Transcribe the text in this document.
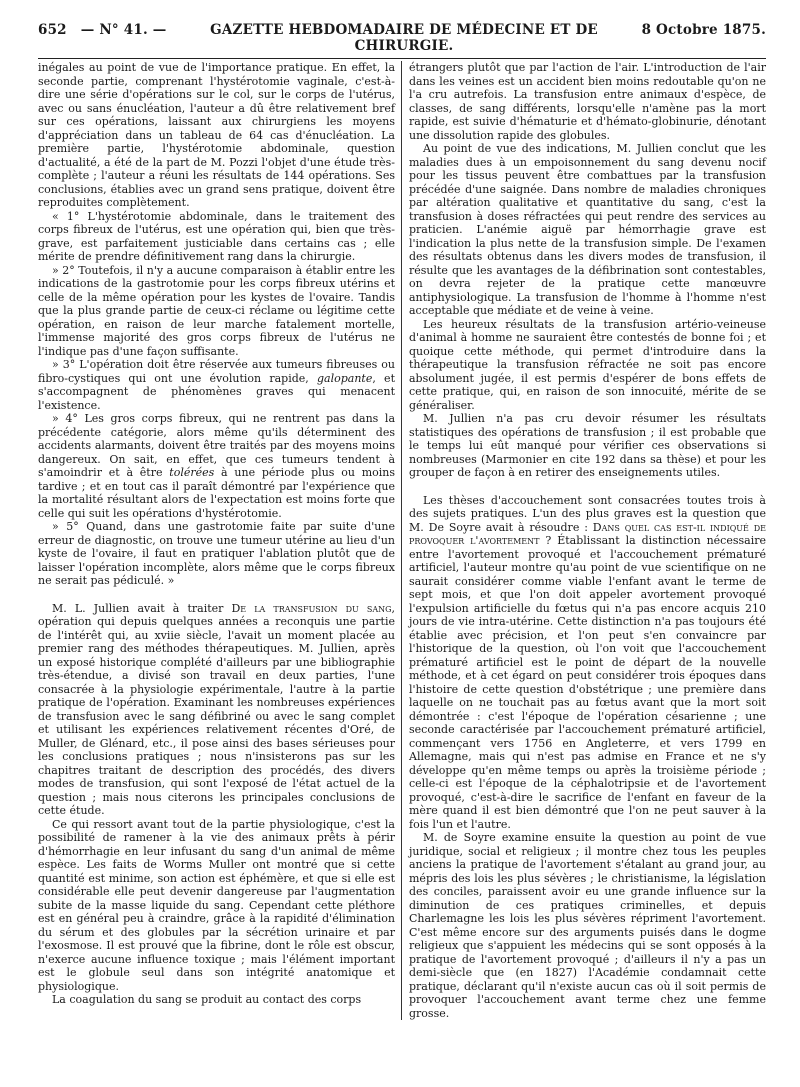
652 — N° 41. —	GAZETTE HEBDOMADAIRE DE MÉDECINE ET DE CHIRURGIE.
8 Octobre 1875.

inégales au point de vue de l'importance pratique. En effet, la seconde partie, comprenant l'hystérotomie vaginale, c'est-à-dire une série d'opérations sur le col, sur le corps de l'utérus, avec ou sans énucléation, l'auteur a dû être relativement bref sur ces opérations, laissant aux chirurgiens les moyens d'appréciation dans un tableau de 64 cas d'énucléation. La première partie, l'hystérotomie abdominale, question d'actualité, a été de la part de M. Pozzi l'objet d'une étude très-complète ; l'auteur a réuni les résultats de 144 opérations. Ses conclusions, établies avec un grand sens pratique, doivent être reproduites complètement.

« 1° L'hystérotomie abdominale, dans le traitement des corps fibreux de l'utérus, est une opération qui, bien que très-grave, est parfaitement justiciable dans certains cas ; elle mérite de prendre définitivement rang dans la chirurgie.

» 2° Toutefois, il n'y a aucune comparaison à établir entre les indications de la gastrotomie pour les corps fibreux utérins et celle de la même opération pour les kystes de l'ovaire. Tandis que la plus grande partie de ceux-ci réclame ou légitime cette opération, en raison de leur marche fatalement mortelle, l'immense majorité des gros corps fibreux de l'utérus ne l'indique pas d'une façon suffisante.

» 3° L'opération doit être réservée aux tumeurs fibreuses ou fibro-cystiques qui ont une évolution rapide, galopante, et s'accompagnent de phénomènes graves qui menacent l'existence.

» 4° Les gros corps fibreux, qui ne rentrent pas dans la précédente catégorie, alors même qu'ils déterminent des accidents alarmants, doivent être traités par des moyens moins dangereux. On sait, en effet, que ces tumeurs tendent à s'amoindrir et à être tolérées à une période plus ou moins tardive ; et en tout cas il paraît démontré par l'expérience que la mortalité résultant alors de l'expectation est moins forte que celle qui suit les opérations d'hystérotomie.

» 5° Quand, dans une gastrotomie faite par suite d'une erreur de diagnostic, on trouve une tumeur utérine au lieu d'un kyste de l'ovaire, il faut en pratiquer l'ablation plutôt que de laisser l'opération incomplète, alors même que le corps fibreux ne serait pas pédiculé. »

M. L. Jullien avait à traiter De la transfusion du sang, opération qui depuis quelques années a reconquis une partie de l'intérêt qui, au xviie siècle, l'avait un moment placée au premier rang des méthodes thérapeutiques. M. Jullien, après un exposé historique complété d'ailleurs par une bibliographie très-étendue, a divisé son travail en deux parties, l'une consacrée à la physiologie expérimentale, l'autre à la partie pratique de l'opération. Examinant les nombreuses expériences de transfusion avec le sang défibriné ou avec le sang complet et utilisant les expériences relativement récentes d'Oré, de Muller, de Glénard, etc., il pose ainsi des bases sérieuses pour les conclusions pratiques ; nous n'insisterons pas sur les chapitres traitant de description des procédés, des divers modes de transfusion, qui sont l'exposé de l'état actuel de la question ; mais nous citerons les principales conclusions de cette étude.

Ce qui ressort avant tout de la partie physiologique, c'est la possibilité de ramener à la vie des animaux prêts à périr d'hémorrhagie en leur infusant du sang d'un animal de même espèce. Les faits de Worms Muller ont montré que si cette quantité est minime, son action est éphémère, et que si elle est considérable elle peut devenir dangereuse par l'augmentation subite de la masse liquide du sang. Cependant cette pléthore est en général peu à craindre, grâce à la rapidité d'élimination du sérum et des globules par la sécrétion urinaire et par l'exosmose. Il est prouvé que la fibrine, dont le rôle est obscur, n'exerce aucune influence toxique ; mais l'élément important est le globule seul dans son intégrité anatomique et physiologique.

La coagulation du sang se produit au contact des corps

étrangers plutôt que par l'action de l'air. L'introduction de l'air dans les veines est un accident bien moins redoutable qu'on ne l'a cru autrefois. La transfusion entre animaux d'espèce, de classes, de sang différents, lorsqu'elle n'amène pas la mort rapide, est suivie d'hématurie et d'hémato-globinurie, dénotant une dissolution rapide des globules.

Au point de vue des indications, M. Jullien conclut que les maladies dues à un empoisonnement du sang devenu nocif pour les tissus peuvent être combattues par la transfusion précédée d'une saignée. Dans nombre de maladies chroniques par altération qualitative et quantitative du sang, c'est la transfusion à doses réfractées qui peut rendre des services au praticien. L'anémie aiguë par hémorrhagie grave est l'indication la plus nette de la transfusion simple. De l'examen des résultats obtenus dans les divers modes de transfusion, il résulte que les avantages de la défibrination sont contestables, on devra rejeter de la pratique cette manœuvre antiphysiologique. La transfusion de l'homme à l'homme n'est acceptable que médiate et de veine à veine.

Les heureux résultats de la transfusion artério-veineuse d'animal à homme ne sauraient être contestés de bonne foi ; et quoique cette méthode, qui permet d'introduire dans la thérapeutique la transfusion réfractée ne soit pas encore absolument jugée, il est permis d'espérer de bons effets de cette pratique, qui, en raison de son innocuité, mérite de se généraliser.

M. Jullien n'a pas cru devoir résumer les résultats statistiques des opérations de transfusion ; il est probable que le temps lui eût manqué pour vérifier ces observations si nombreuses (Marmonier en cite 192 dans sa thèse) et pour les grouper de façon à en retirer des enseignements utiles.

Les thèses d'accouchement sont consacrées toutes trois à des sujets pratiques. L'un des plus graves est la question que M. De Soyre avait à résoudre : Dans quel cas est-il indiqué de provoquer l'avortement ? Établissant la distinction nécessaire entre l'avortement provoqué et l'accouchement prématuré artificiel, l'auteur montre qu'au point de vue scientifique on ne saurait considérer comme viable l'enfant avant le terme de sept mois, et que l'on doit appeler avortement provoqué l'expulsion artificielle du fœtus qui n'a pas encore acquis 210 jours de vie intra-utérine. Cette distinction n'a pas toujours été établie avec précision, et l'on peut s'en convaincre par l'historique de la question, où l'on voit que l'accouchement prématuré artificiel est le point de départ de la nouvelle méthode, et à cet égard on peut considérer trois époques dans l'histoire de cette question d'obstétrique ; une première dans laquelle on ne touchait pas au fœtus avant que la mort soit démontrée : c'est l'époque de l'opération césarienne ; une seconde caractérisée par l'accouchement prématuré artificiel, commençant vers 1756 en Angleterre, et vers 1799 en Allemagne, mais qui n'est pas admise en France et ne s'y développe qu'en même temps ou après la troisième période ; celle-ci est l'époque de la céphalotripsie et de l'avortement provoqué, c'est-à-dire le sacrifice de l'enfant en faveur de la mère quand il est bien démontré que l'on ne peut sauver à la fois l'un et l'autre.

M. de Soyre examine ensuite la question au point de vue juridique, social et religieux ; il montre chez tous les peuples anciens la pratique de l'avortement s'étalant au grand jour, au mépris des lois les plus sévères ; le christianisme, la législation des conciles, paraissent avoir eu une grande influence sur la diminution de ces pratiques criminelles, et depuis Charlemagne les lois les plus sévères répriment l'avortement. C'est même encore sur des arguments puisés dans le dogme religieux que s'appuient les médecins qui se sont opposés à la pratique de l'avortement provoqué ; d'ailleurs il n'y a pas un demi-siècle que (en 1827) l'Académie condamnait cette pratique, déclarant qu'il n'existe aucun cas où il soit permis de provoquer l'accouchement avant terme chez une femme grosse.
